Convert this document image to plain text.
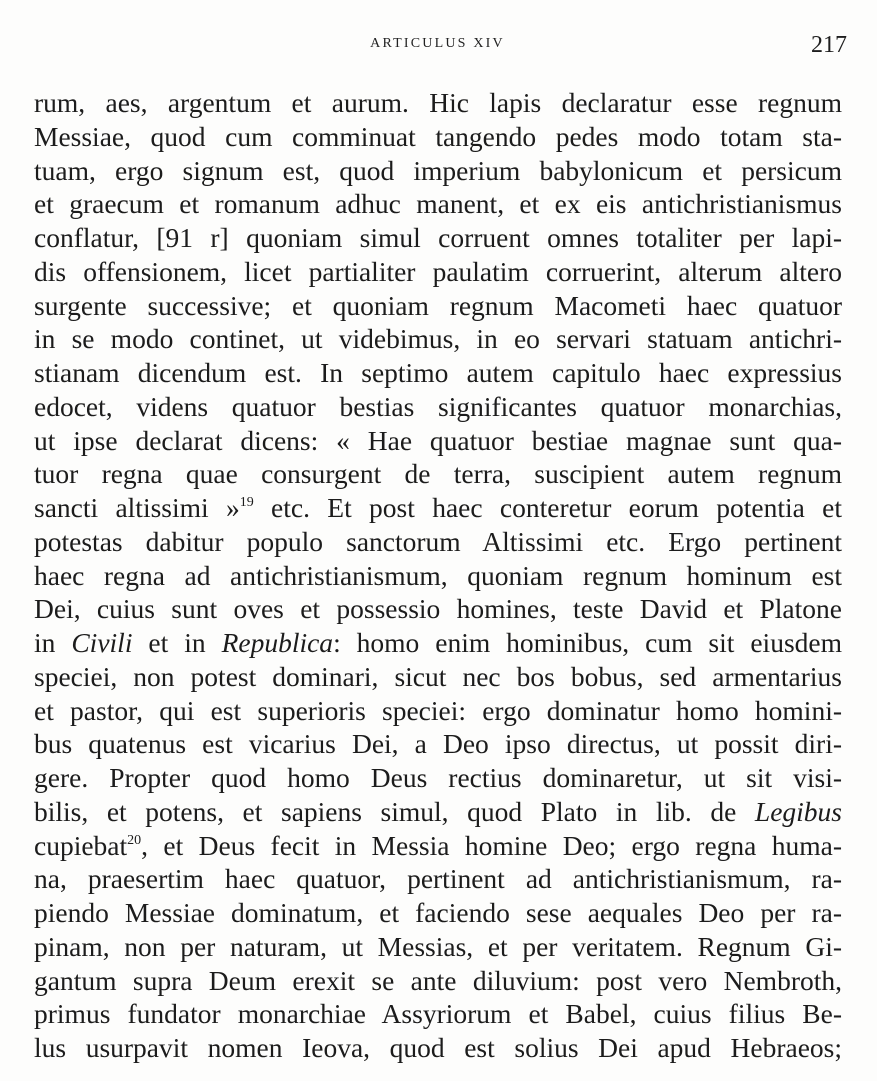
ARTICULUS XIV	217
rum, aes, argentum et aurum. Hic lapis declaratur esse regnum
Messiae, quod cum comminuat tangendo pedes modo totam sta-
tuam, ergo signum est, quod imperium babylonicum et persicum
et graecum et romanum adhuc manent, et ex eis antichristianismus
conflatur, [91 r] quoniam simul corruent omnes totaliter per lapi-
dis offensionem, licet partialiter paulatim corruerint, alterum altero
surgente successive; et quoniam regnum Macometi haec quatuor
in se modo continet, ut videbimus, in eo servari statuam antichri-
stianam dicendum est. In septimo autem capitulo haec expressius
edocet, videns quatuor bestias significantes quatuor monarchias,
ut ipse declarat dicens: « Hae quatuor bestiae magnae sunt qua-
tuor regna quae consurgent de terra, suscipient autem regnum
sancti altissimi »$^{19}$ etc. Et post haec conteretur eorum potentia et
potestas dabitur populo sanctorum Altissimi etc. Ergo pertinent
haec regna ad antichristianismum, quoniam regnum hominum est
Dei, cuius sunt oves et possessio homines, teste David et Platone
in Civili et in Republica: homo enim hominibus, cum sit eiusdem
speciei, non potest dominari, sicut nec bos bobus, sed armentarius
et pastor, qui est superioris speciei: ergo dominatur homo homini-
bus quatenus est vicarius Dei, a Deo ipso directus, ut possit diri-
gere. Propter quod homo Deus rectius dominaretur, ut sit visi-
bilis, et potens, et sapiens simul, quod Plato in lib. de Legibus
cupiebat$^{20}$, et Deus fecit in Messia homine Deo; ergo regna huma-
na, praesertim haec quatuor, pertinent ad antichristianismum, ra-
piendo Messiae dominatum, et faciendo sese aequales Deo per ra-
pinam, non per naturam, ut Messias, et per veritatem. Regnum Gi-
gantum supra Deum erexit se ante diluvium: post vero Nembroth,
primus fundator monarchiae Assyriorum et Babel, cuius filius Be-
lus usurpavit nomen Ieova, quod est solius Dei apud Hebraeos;
